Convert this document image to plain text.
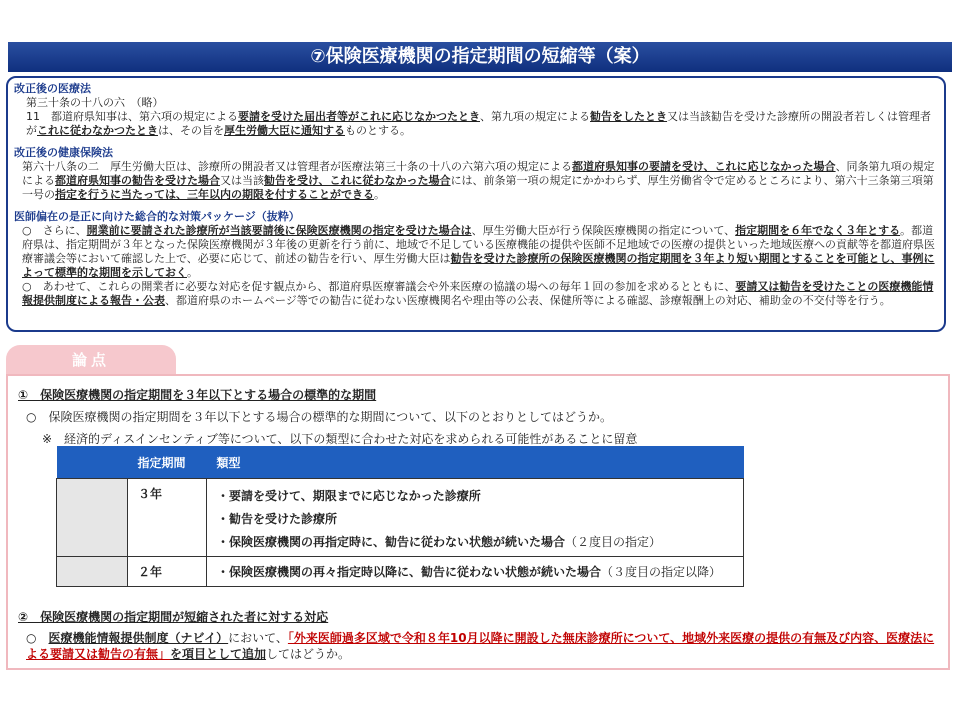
⑦保険医療機関の指定期間の短縮等（案）

改正後の医療法

第三十条の十八の六　（略）

11　都道府県知事は、第六項の規定による要請を受けた届出者等がこれに応じなかつたとき、第九項の規定による勧告をしたとき又は当該勧告を受けた診療所の開設者若しくは管理者がこれに従わなかつたときは、その旨を厚生労働大臣に通知するものとする。

改正後の健康保険法

第六十八条の二　厚生労働大臣は、診療所の開設者又は管理者が医療法第三十条の十八の六第六項の規定による都道府県知事の要請を受け、これに応じなかった場合、同条第九項の規定による都道府県知事の勧告を受けた場合又は当該勧告を受け、これに従わなかった場合には、前条第一項の規定にかかわらず、厚生労働省令で定めるところにより、第六十三条第三項第一号の指定を行うに当たっては、三年以内の期限を付することができる。

医師偏在の是正に向けた総合的な対策パッケージ（抜粋）

○　さらに、開業前に要請された診療所が当該要請後に保険医療機関の指定を受けた場合は、厚生労働大臣が行う保険医療機関の指定について、指定期間を６年でなく３年とする。都道府県は、指定期間が３年となった保険医療機関が３年後の更新を行う前に、地域で不足している医療機能の提供や医師不足地域での医療の提供といった地域医療への貢献等を都道府県医療審議会等において確認した上で、必要に応じて、前述の勧告を行い、厚生労働大臣は勧告を受けた診療所の保険医療機関の指定期間を３年より短い期間とすることを可能とし、事例によって標準的な期間を示しておく。

○　あわせて、これらの開業者に必要な対応を促す観点から、都道府県医療審議会や外来医療の協議の場への毎年１回の参加を求めるとともに、要請又は勧告を受けたことの医療機能情報提供制度による報告・公表、都道府県のホームページ等での勧告に従わない医療機関名や理由等の公表、保健所等による確認、診療報酬上の対応、補助金の不交付等を行う。

論点
①　保険医療機関の指定期間を３年以下とする場合の標準的な期間
○　保険医療機関の指定期間を３年以下とする場合の標準的な期間について、以下のとおりとしてはどうか。
※　経済的ディスインセンティブ等について、以下の類型に合わせた対応を求められる可能性があることに留意
②　保険医療機関の指定期間が短縮された者に対する対応
○　医療機能情報提供制度（ナビイ）において、「外来医師過多区域で令和８年10月以降に開設した無床診療所について、地域外来医療の提供の有無及び内容、医療法による要請又は勧告の有無」を項目として追加してはどうか。
	指定期間	類型
	３年	・要請を受けて、期限までに応じなかった診療所
・勧告を受けた診療所
・保険医療機関の再指定時に、勧告に従わない状態が続いた場合（２度目の指定）

	２年	・保険医療機関の再々指定時以降に、勧告に従わない状態が続いた場合（３度目の指定以降）
